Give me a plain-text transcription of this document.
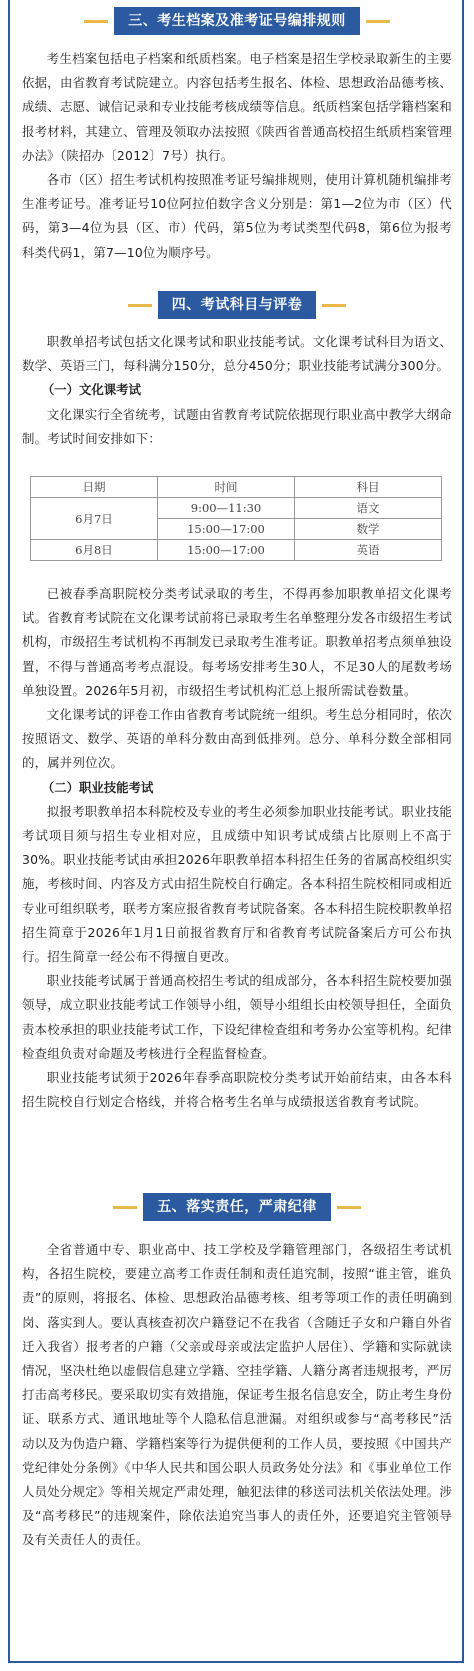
三、考生档案及准考证号编排规则

考生档案包括电子档案和纸质档案。电子档案是招生学校录取新生的主要依据，由省教育考试院建立。内容包括考生报名、体检、思想政治品德考核、成绩、志愿、诚信记录和专业技能考核成绩等信息。纸质档案包括学籍档案和报考材料，其建立、管理及领取办法按照《陕西省普通高校招生纸质档案管理办法》（陕招办〔2012〕7号）执行。

各市（区）招生考试机构按照准考证号编排规则，使用计算机随机编排考生准考证号。准考证号10位阿拉伯数字含义分别是：第1—2位为市（区）代码，第3—4位为县（区、市）代码，第5位为考试类型代码8，第6位为报考科类代码1，第7—10位为顺序号。

四、考试科目与评卷

职教单招考试包括文化课考试和职业技能考试。文化课考试科目为语文、数学、英语三门，每科满分150分，总分450分；职业技能考试满分300分。

（一）文化课考试

文化课实行全省统考，试题由省教育考试院依据现行职业高中教学大纲命制。考试时间安排如下：

日期	时间	科目
6月7日	9:00—11:30	语文
	15:00—17:00	数学
6月8日	15:00—17:00	英语

已被春季高职院校分类考试录取的考生，不得再参加职教单招文化课考试。省教育考试院在文化课考试前将已录取考生名单整理分发各市级招生考试机构，市级招生考试机构不再制发已录取考生准考证。职教单招考点须单独设置，不得与普通高考考点混设。每考场安排考生30人，不足30人的尾数考场单独设置。2026年5月初，市级招生考试机构汇总上报所需试卷数量。

文化课考试的评卷工作由省教育考试院统一组织。考生总分相同时，依次按照语文、数学、英语的单科分数由高到低排列。总分、单科分数全部相同的，属并列位次。

（二）职业技能考试

拟报考职教单招本科院校及专业的考生必须参加职业技能考试。职业技能考试项目须与招生专业相对应，且成绩中知识考试成绩占比原则上不高于30%。职业技能考试由承担2026年职教单招本科招生任务的省属高校组织实施，考核时间、内容及方式由招生院校自行确定。各本科招生院校相同或相近专业可组织联考，联考方案应报省教育考试院备案。各本科招生院校职教单招招生简章于2026年1月1日前报省教育厅和省教育考试院备案后方可公布执行。招生简章一经公布不得擅自更改。

职业技能考试属于普通高校招生考试的组成部分，各本科招生院校要加强领导，成立职业技能考试工作领导小组，领导小组组长由校领导担任，全面负责本校承担的职业技能考试工作，下设纪律检查组和考务办公室等机构。纪律检查组负责对命题及考核进行全程监督检查。

职业技能考试须于2026年春季高职院校分类考试开始前结束，由各本科招生院校自行划定合格线，并将合格考生名单与成绩报送省教育考试院。

五、落实责任，严肃纪律

全省普通中专、职业高中、技工学校及学籍管理部门，各级招生考试机构，各招生院校，要建立高考工作责任制和责任追究制，按照“谁主管，谁负责”的原则，将报名、体检、思想政治品德考核、组考等项工作的责任明确到岗、落实到人。要认真核查初次户籍登记不在我省（含随迁子女和户籍自外省迁入我省）报考者的户籍（父亲或母亲或法定监护人居住）、学籍和实际就读情况，坚决杜绝以虚假信息建立学籍、空挂学籍、人籍分离者违规报考，严厉打击高考移民。要采取切实有效措施，保证考生报名信息安全，防止考生身份证、联系方式、通讯地址等个人隐私信息泄漏。对组织或参与“高考移民”活动以及为伪造户籍、学籍档案等行为提供便利的工作人员，要按照《中国共产党纪律处分条例》《中华人民共和国公职人员政务处分法》和《事业单位工作人员处分规定》等相关规定严肃处理，触犯法律的移送司法机关依法处理。涉及“高考移民”的违规案件，除依法追究当事人的责任外，还要追究主管领导及有关责任人的责任。
